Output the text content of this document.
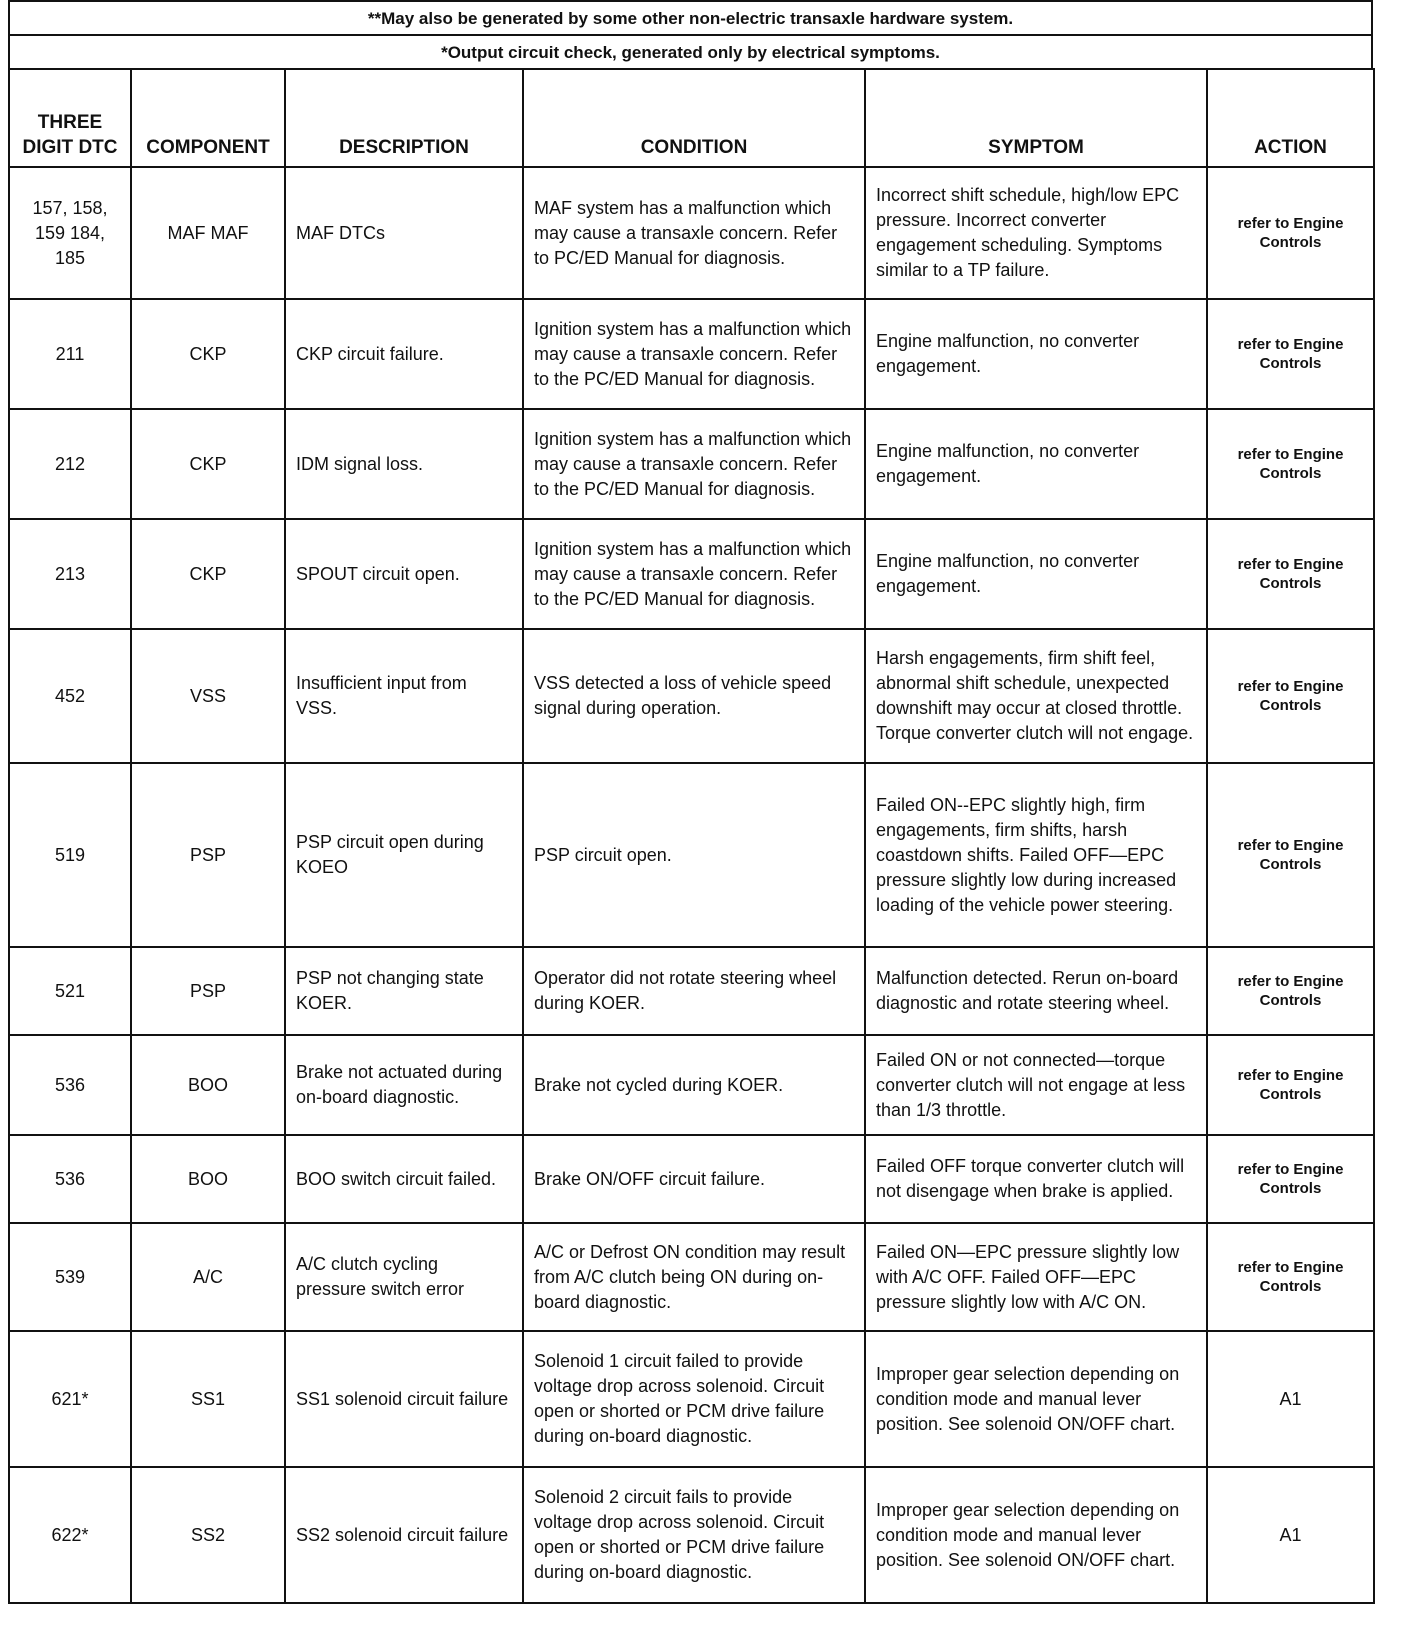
**May also be generated by some other non-electric transaxle hardware system.
*Output circuit check, generated only by electrical symptoms.
THREE DIGIT DTC	COMPONENT	DESCRIPTION	CONDITION	SYMPTOM	ACTION
157, 158, 159 184, 185	MAF MAF	MAF DTCs	MAF system has a malfunction which may cause a transaxle concern. Refer to PC/ED Manual for diagnosis.	Incorrect shift schedule, high/low EPC pressure. Incorrect converter engagement scheduling. Symptoms similar to a TP failure.	refer to Engine Controls
211	CKP	CKP circuit failure.	Ignition system has a malfunction which may cause a transaxle concern. Refer to the PC/ED Manual for diagnosis.	Engine malfunction, no converter engagement.	refer to Engine Controls
212	CKP	IDM signal loss.	Ignition system has a malfunction which may cause a transaxle concern. Refer to the PC/ED Manual for diagnosis.	Engine malfunction, no converter engagement.	refer to Engine Controls
213	CKP	SPOUT circuit open.	Ignition system has a malfunction which may cause a transaxle concern. Refer to the PC/ED Manual for diagnosis.	Engine malfunction, no converter engagement.	refer to Engine Controls
452	VSS	Insufficient input from VSS.	VSS detected a loss of vehicle speed signal during operation.	Harsh engagements, firm shift feel, abnormal shift schedule, unexpected downshift may occur at closed throttle. Torque converter clutch will not engage.	refer to Engine Controls
519	PSP	PSP circuit open during KOEO	PSP circuit open.	Failed ON--EPC slightly high, firm engagements, firm shifts, harsh coastdown shifts. Failed OFF—EPC pressure slightly low during increased loading of the vehicle power steering.	refer to Engine Controls
521	PSP	PSP not changing state KOER.	Operator did not rotate steering wheel during KOER.	Malfunction detected. Rerun on-board diagnostic and rotate steering wheel.	refer to Engine Controls
536	BOO	Brake not actuated during on-board diagnostic.	Brake not cycled during KOER.	Failed ON or not connected—torque converter clutch will not engage at less than 1/3 throttle.	refer to Engine Controls
536	BOO	BOO switch circuit failed.	Brake ON/OFF circuit failure.	Failed OFF torque converter clutch will not disengage when brake is applied.	refer to Engine Controls
539	A/C	A/C clutch cycling pressure switch error	A/C or Defrost ON condition may result from A/C clutch being ON during on-board diagnostic.	Failed ON—EPC pressure slightly low with A/C OFF. Failed OFF—EPC pressure slightly low with A/C ON.	refer to Engine Controls
621*	SS1	SS1 solenoid circuit failure	Solenoid 1 circuit failed to provide voltage drop across solenoid. Circuit open or shorted or PCM drive failure during on-board diagnostic.	Improper gear selection depending on condition mode and manual lever position. See solenoid ON/OFF chart.	A1
622*	SS2	SS2 solenoid circuit failure	Solenoid 2 circuit fails to provide voltage drop across solenoid. Circuit open or shorted or PCM drive failure during on-board diagnostic.	Improper gear selection depending on condition mode and manual lever position. See solenoid ON/OFF chart.	A1
